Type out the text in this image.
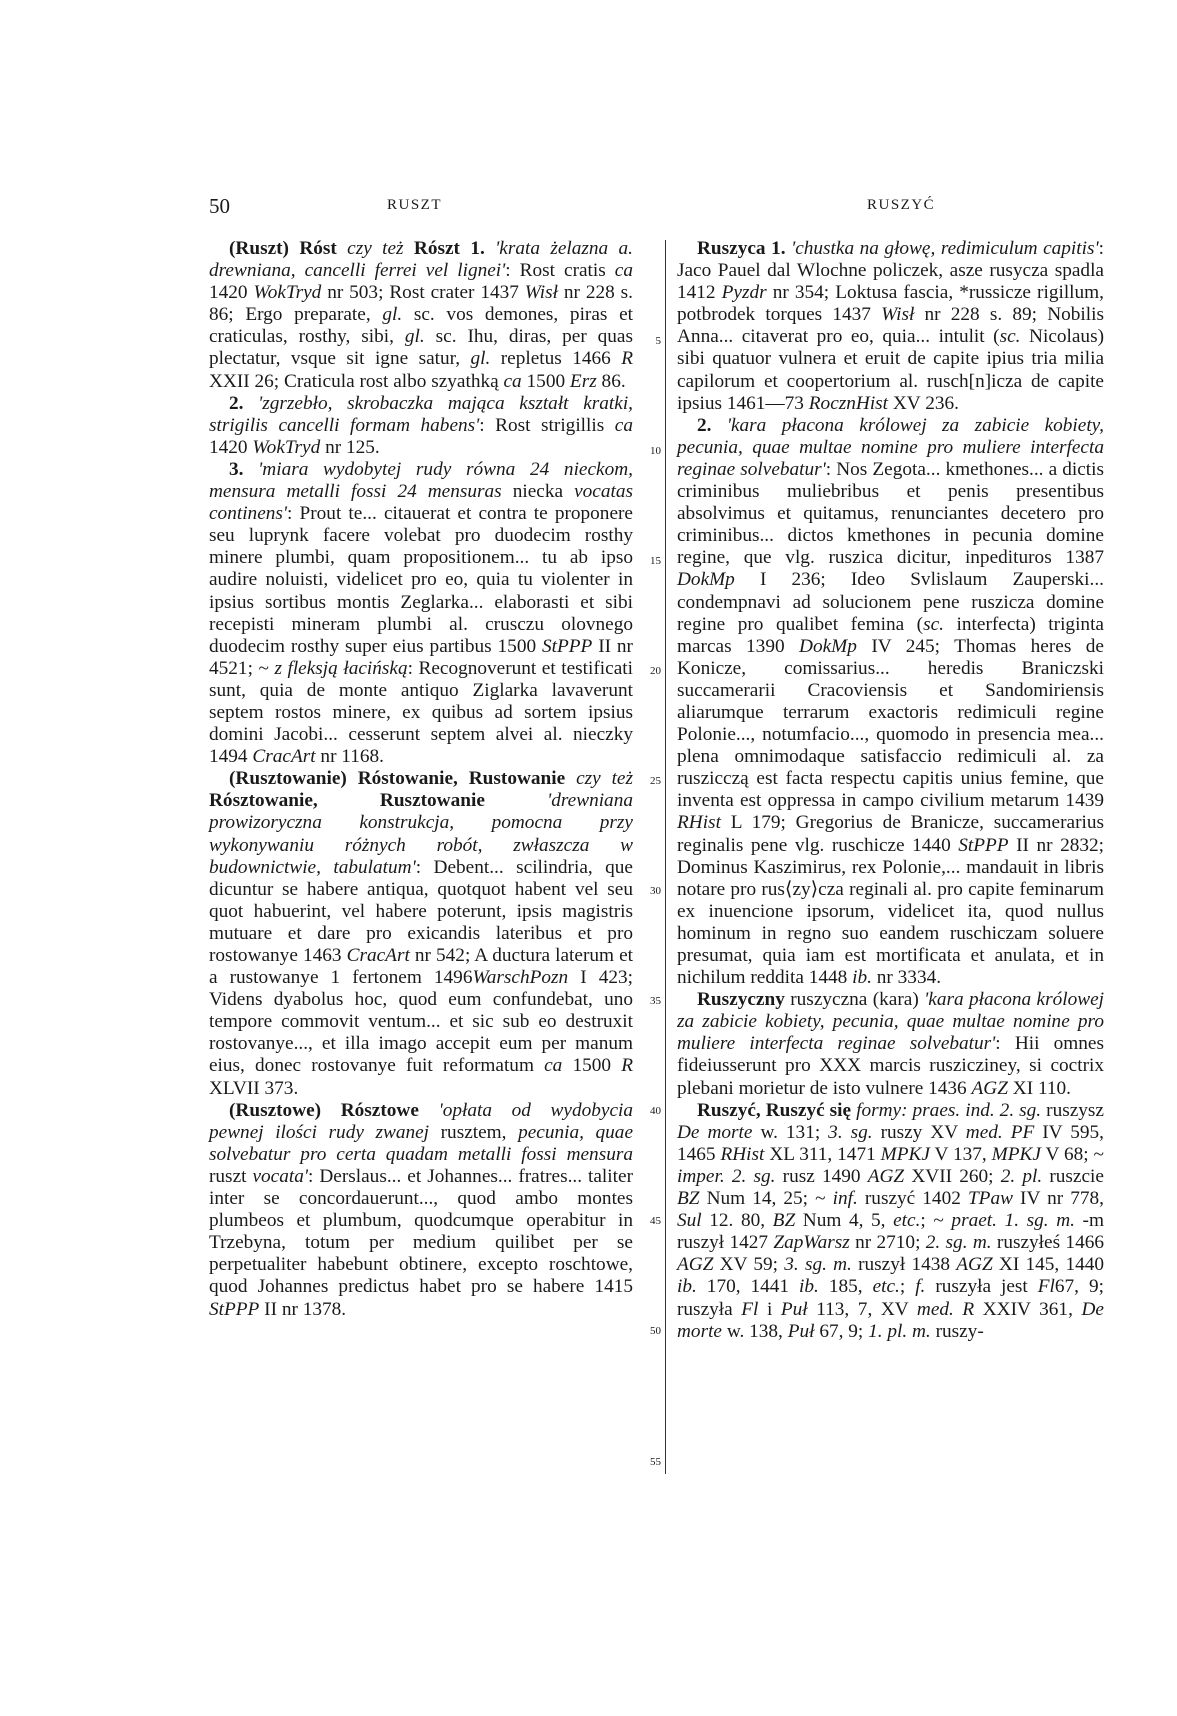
50	RUSZT	RUSZYĆ
5
10
15
20
25
30
35
40
45
50
55

(Ruszt) Róst czy też Rószt 1. 'krata żelazna a. drewniana, cancelli ferrei vel lignei': Rost cratis ca 1420 WokTryd nr 503; Rost crater 1437 Wisł nr 228 s. 86; Ergo preparate, gl. sc. vos demones, piras et craticulas, rosthy, sibi, gl. sc. Ihu, diras, per quas plectatur, vsque sit igne satur, gl. repletus 1466 R XXII 26; Craticula rost albo szyathką ca 1500 Erz 86.

2. 'zgrzebło, skrobaczka mająca kształt kratki, strigilis cancelli formam habens': Rost strigillis ca 1420 WokTryd nr 125.

3. 'miara wydobytej rudy równa 24 nieckom, mensura metalli fossi 24 mensuras niecka vocatas continens': Prout te... citauerat et contra te proponere seu luprynk facere volebat pro duodecim rosthy minere plumbi, quam propositionem... tu ab ipso audire noluisti, videlicet pro eo, quia tu violenter in ipsius sortibus montis Zeglarka... elaborasti et sibi recepisti mineram plumbi al. crusczu olovnego duodecim rosthy super eius partibus 1500 StPPP II nr 4521; ~ z fleksją łacińską: Recognoverunt et testificati sunt, quia de monte antiquo Ziglarka lavaverunt septem rostos minere, ex quibus ad sortem ipsius domini Jacobi... cesserunt septem alvei al. nieczky 1494 CracArt nr 1168.

(Rusztowanie) Róstowanie, Rustowanie czy też Rósztowanie, Rusztowanie	'drewniana prowizoryczna konstrukcja, pomocna przy wykonywaniu różnych robót, zwłaszcza w budownictwie, tabulatum': Debent... scilindria, que dicuntur se habere antiqua, quotquot habent vel seu quot habuerint, vel habere poterunt, ipsis magistris mutuare et dare pro exicandis lateribus et pro rostowanye 1463 CracArt nr 542; A ductura laterum et a rustowanye 1 fertonem 1496WarschPozn I 423; Videns dyabolus hoc, quod eum confundebat, uno tempore commovit ventum... et sic sub eo destruxit rostovanye..., et illa imago accepit eum per manum eius, donec rostovanye fuit reformatum ca 1500 R XLVII 373.

(Rusztowe) Rósztowe 'opłata od wydobycia pewnej ilości rudy zwanej rusztem, pecunia, quae solvebatur pro certa quadam metalli fossi mensura ruszt vocata': Derslaus... et Johannes... fratres... taliter inter se concordauerunt..., quod ambo montes plumbeos et plumbum, quodcumque operabitur in Trzebyna, totum per medium quilibet per se perpetualiter habebunt obtinere, excepto roschtowe, quod Johannes predictus habet pro se habere 1415 StPPP II nr 1378.

Ruszyca 1. 'chustka na głowę, redimiculum capitis': Jaco Pauel dal Wlochne policzek, asze rusycza spadla 1412 Pyzdr nr 354; Loktusa fascia, *russicze rigillum, potbrodek torques 1437 Wisł nr 228 s. 89; Nobilis Anna... citaverat pro eo, quia... intulit (sc. Nicolaus) sibi quatuor vulnera et eruit de capite ipius tria milia capilorum et coopertorium al. rusch[n]icza de capite ipsius 1461—73 RocznHist XV 236.

2. 'kara płacona królowej za zabicie kobiety, pecunia, quae multae nomine pro muliere interfecta reginae solvebatur': Nos Zegota... kmethones... a dictis criminibus muliebribus et penis presentibus absolvimus et quitamus, renunciantes decetero pro criminibus... dictos kmethones in pecunia domine regine, que vlg. ruszica dicitur, inpedituros 1387 DokMp I 236; Ideo Svlislaum Zauperski... condempnavi ad solucionem pene ruszicza domine regine pro qualibet femina (sc. interfecta) triginta marcas 1390 DokMp IV 245; Thomas heres de Konicze, comissarius... heredis Braniczski succamerarii Cracoviensis et Sandomiriensis aliarumque terrarum exactoris redimiculi regine Polonie..., notumfacio..., quomodo in presencia mea... plena omnimodaque satisfaccio redimiculi al. za ruszicczą est facta respectu capitis unius femine, que inventa est oppressa in campo civilium metarum 1439 RHist L 179; Gregorius de Branicze, succamerarius reginalis pene vlg. ruschicze 1440 StPPP II nr 2832; Dominus Kaszimirus, rex Polonie,... mandauit in libris notare pro rus⟨zy⟩cza reginali al. pro capite feminarum ex inuencione ipsorum, videlicet ita, quod nullus hominum in regno suo eandem ruschiczam soluere presumat, quia iam est mortificata et anulata, et in nichilum reddita 1448 ib. nr 3334.

Ruszyczny ruszyczna (kara) 'kara płacona królowej za zabicie kobiety, pecunia, quae multae nomine pro muliere interfecta reginae solvebatur': Hii omnes fideiusserunt pro XXX marcis ruszicziney, si coctrix plebani morietur de isto vulnere 1436 AGZ XI 110.

Ruszyć, Ruszyć się formy: praes. ind. 2. sg. ruszysz De morte w. 131; 3. sg. ruszy XV med. PF IV 595, 1465 RHist XL 311, 1471 MPKJ V 137, MPKJ V 68; ~ imper. 2. sg. rusz 1490 AGZ XVII 260; 2. pl. ruszcie BZ Num 14, 25; ~ inf. ruszyć 1402 TPaw IV nr 778, Sul 12. 80, BZ Num 4, 5, etc.; ~ praet. 1. sg. m. -m ruszył 1427 ZapWarsz nr 2710; 2. sg. m. ruszyłeś 1466 AGZ XV 59; 3. sg. m. ruszył 1438 AGZ XI 145, 1440 ib. 170, 1441 ib. 185, etc.; f. ruszyła jest Fl67, 9; ruszyła Fl i Puł 113, 7, XV med. R XXIV 361, De morte w. 138, Puł 67, 9; 1. pl. m. ruszy-
